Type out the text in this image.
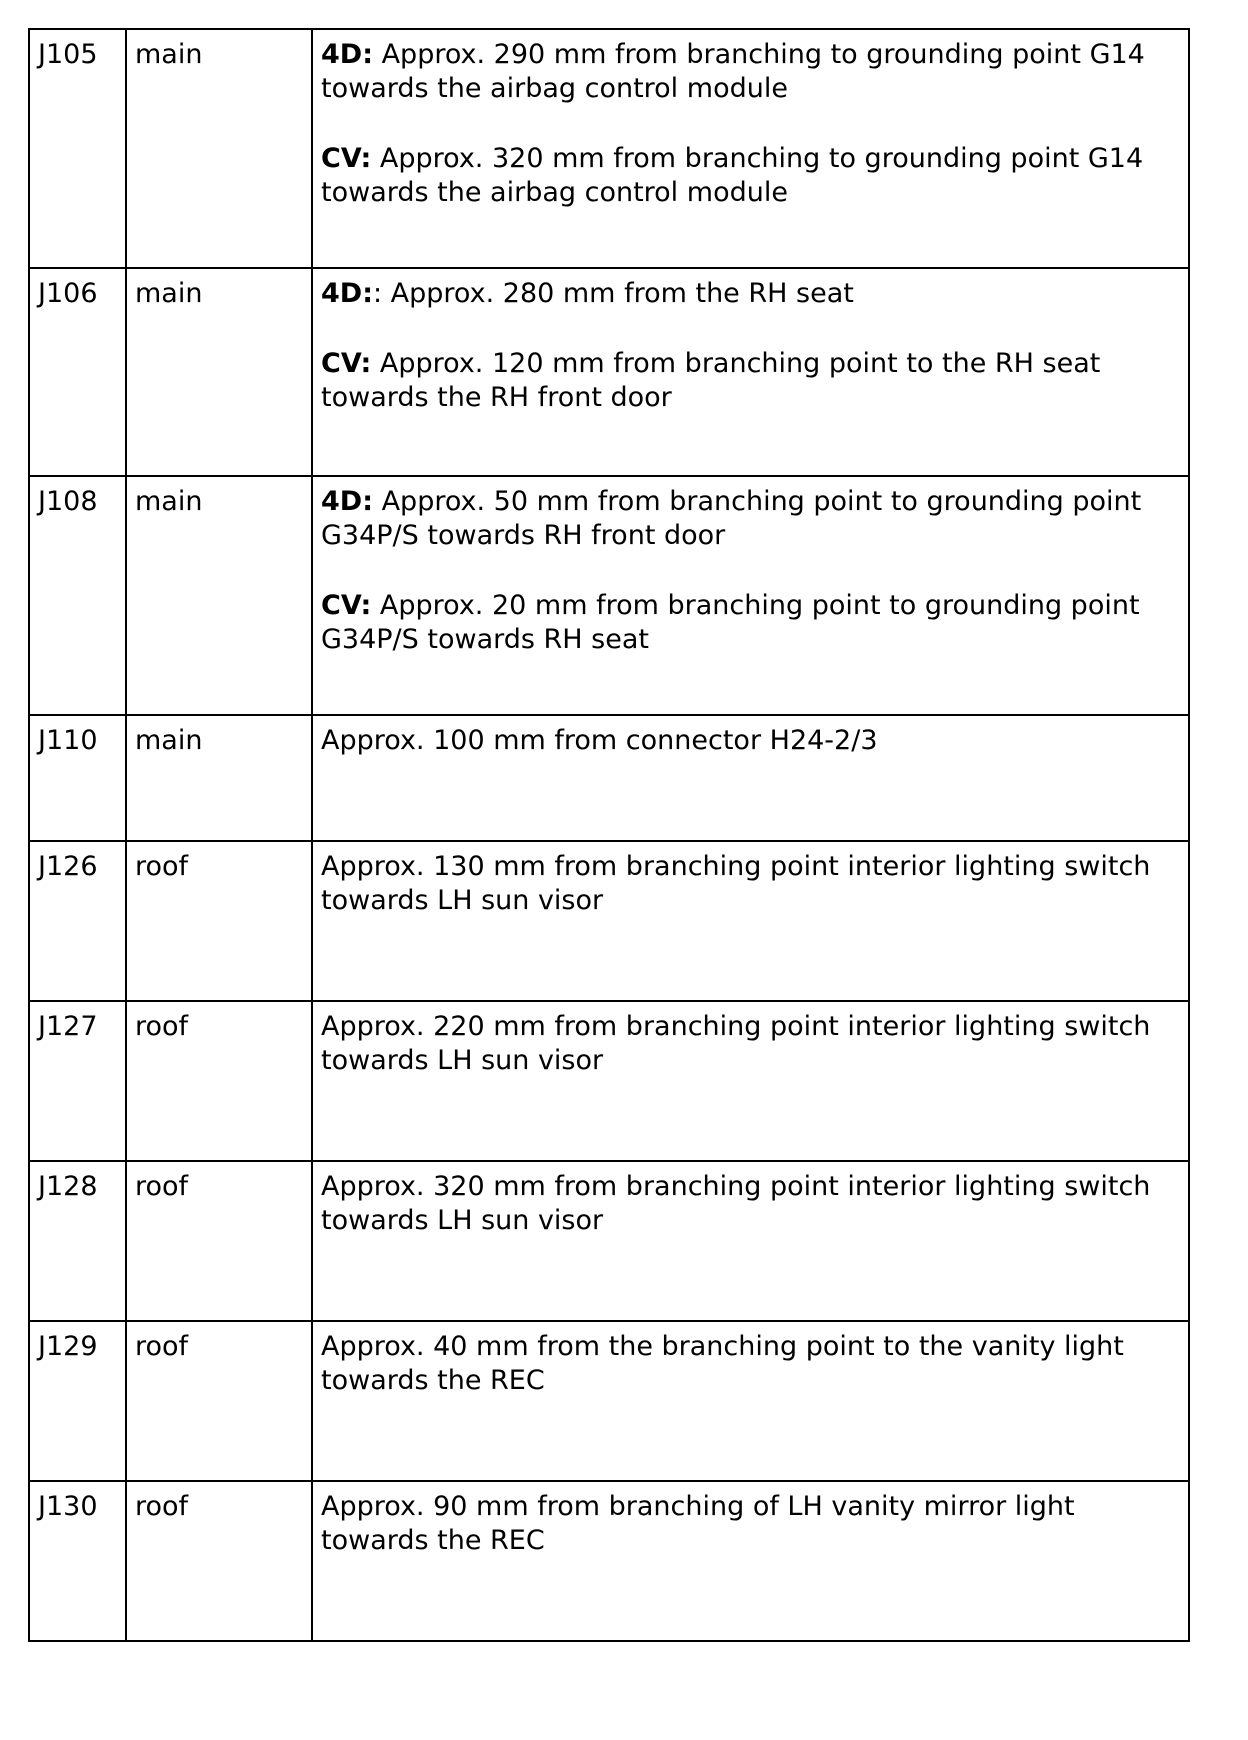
J105	main	4D: Approx. 290 mm from branching to grounding point G14 towards the airbag control module

CV: Approx. 320 mm from branching to grounding point G14 towards the airbag control module

J106	main	4D:: Approx. 280 mm from the RH seat

CV: Approx. 120 mm from branching point to the RH seat towards the RH front door

J108	main	4D: Approx. 50 mm from branching point to grounding point G34P/S towards RH front door

CV: Approx. 20 mm from branching point to grounding point G34P/S towards RH seat

J110	main	Approx. 100 mm from connector H24-2/3
J126	roof	Approx. 130 mm from branching point interior lighting switch towards LH sun visor
J127	roof	Approx. 220 mm from branching point interior lighting switch towards LH sun visor
J128	roof	Approx. 320 mm from branching point interior lighting switch towards LH sun visor
J129	roof	Approx. 40 mm from the branching point to the vanity light towards the REC
J130	roof	Approx. 90 mm from branching of LH vanity mirror light towards the REC
